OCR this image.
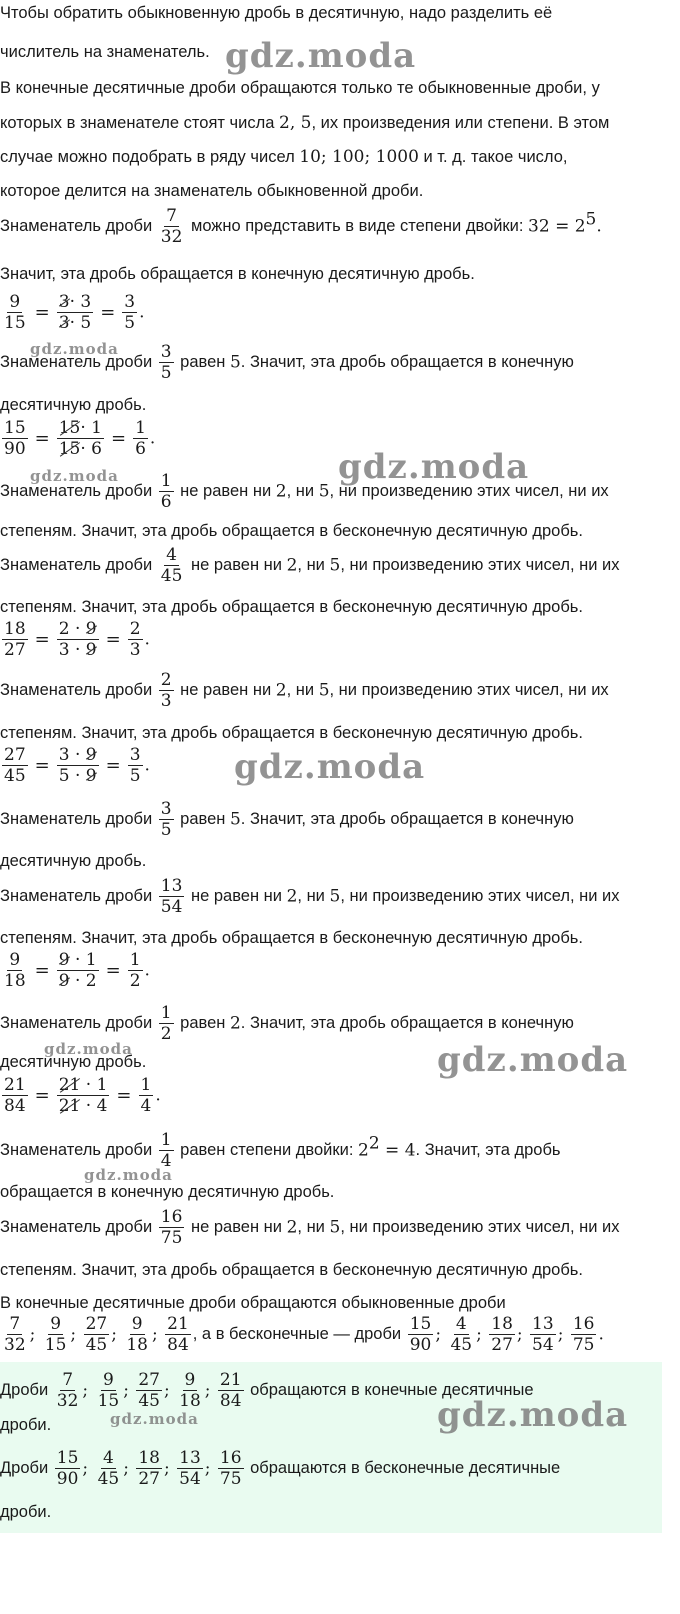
Чтобы обратить обыкновенную дробь в десятичную, надо разделить её
числитель на знаменатель.
В конечные десятичные дроби обращаются только те обыкновенные дроби, у
которых в знаменателе стоят числа 2, 5, их произведения или степени. В этом
случае можно подобрать в ряду чисел 10; 100; 1000 и т. д. такое число,
которое делится на знаменатель обыкновенной дроби.
Знаменатель дроби $\frac{7}{32}$ можно представить в виде степени двойки: $32 = 2^5$.
Значит, эта дробь обращается в конечную десятичную дробь.
$\frac{9}{15} = \frac{3\cdot 3}{3\cdot 5} = \frac{3}{5}$ .
Знаменатель дроби $\frac{3}{5}$ равен 5. Значит, эта дробь обращается в конечную
десятичную дробь.
$\frac{15}{90} = \frac{15\cdot 1}{15\cdot 6} = \frac{1}{6}$ .
Знаменатель дроби $\frac{1}{6}$ не равен ни 2, ни 5, ни произведению этих чисел, ни их
степеням. Значит, эта дробь обращается в бесконечную десятичную дробь.
Знаменатель дроби $\frac{4}{45}$ не равен ни 2, ни 5, ни произведению этих чисел, ни их
степеням. Значит, эта дробь обращается в бесконечную десятичную дробь.
$\frac{18}{27} = \frac{2 \cdot 9}{3 \cdot 9} = \frac{2}{3}$ .
Знаменатель дроби $\frac{2}{3}$ не равен ни 2, ни 5, ни произведению этих чисел, ни их
степеням. Значит, эта дробь обращается в бесконечную десятичную дробь.
$\frac{27}{45} = \frac{3 \cdot 9}{5 \cdot 9} = \frac{3}{5}$ .
Знаменатель дроби $\frac{3}{5}$ равен 5. Значит, эта дробь обращается в конечную
десятичную дробь.
Знаменатель дроби $\frac{13}{54}$ не равен ни 2, ни 5, ни произведению этих чисел, ни их
степеням. Значит, эта дробь обращается в бесконечную десятичную дробь.
$\frac{9}{18} = \frac{9 \cdot 1}{9 \cdot 2} = \frac{1}{2}$ .
Знаменатель дроби $\frac{1}{2}$ равен 2. Значит, эта дробь обращается в конечную
десятичную дробь.
$\frac{21}{84} = \frac{21 \cdot 1}{21 \cdot 4} = \frac{1}{4}$ .
Знаменатель дроби $\frac{1}{4}$ равен степени двойки: $2^2 = 4$. Значит, эта дробь
обращается в конечную десятичную дробь.
Знаменатель дроби $\frac{16}{75}$ не равен ни 2, ни 5, ни произведению этих чисел, ни их
степеням. Значит, эта дробь обращается в бесконечную десятичную дробь.
В конечные десятичные дроби обращаются обыкновенные дроби
$\frac{7}{32}$ ; $\frac{9}{15}$ ; $\frac{27}{45}$ ; $\frac{9}{18}$ ; $\frac{21}{84}$ , а в бесконечные — дроби $\frac{15}{90}$ ; $\frac{4}{45}$ ; $\frac{18}{27}$ ; $\frac{13}{54}$ ; $\frac{16}{75}$ .
Дроби $\frac{7}{32}$ ; $\frac{9}{15}$ ; $\frac{27}{45}$ ; $\frac{9}{18}$ ; $\frac{21}{84}$ обращаются в конечные десятичные
дроби.
Дроби $\frac{15}{90}$ ; $\frac{4}{45}$ ; $\frac{18}{27}$ ; $\frac{13}{54}$ ; $\frac{16}{75}$ обращаются в бесконечные десятичные
дроби.
gdz.moda
gdz.moda
gdz.moda
gdz.moda
gdz.moda
gdz.moda	gdz.moda
gdz.moda
gdz.moda	gdz.moda
